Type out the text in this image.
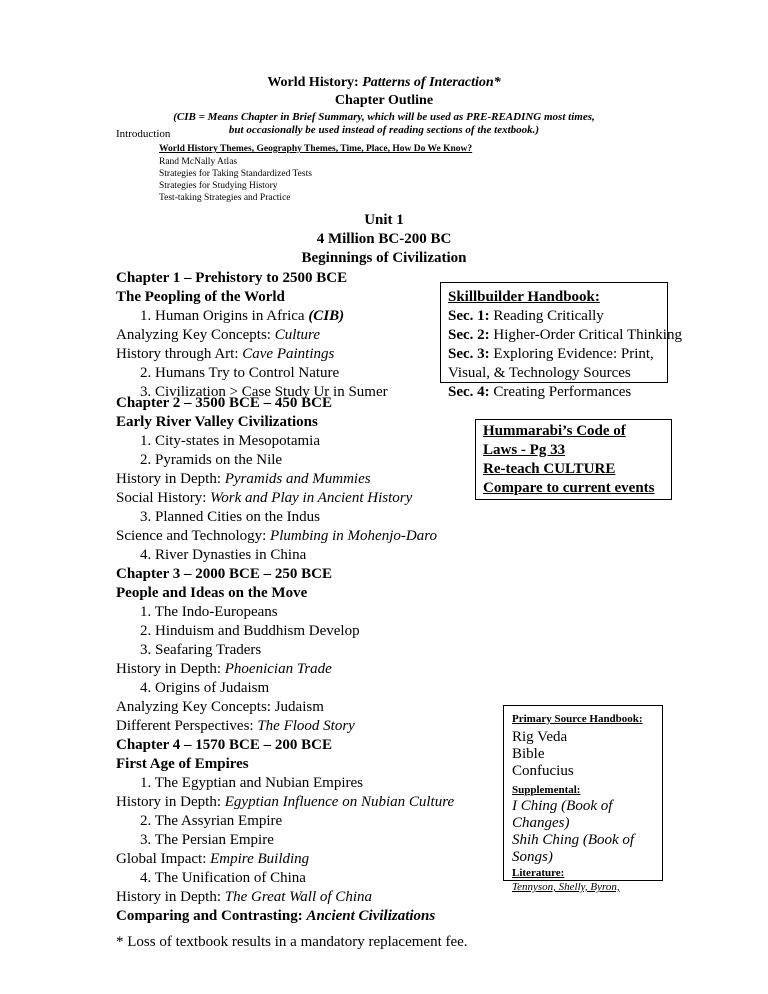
World History: Patterns of Interaction*
Chapter Outline
(CIB = Means Chapter in Brief Summary, which will be used as PRE-READING most times,
but occasionally be used instead of reading sections of the textbook.)
Introduction
World History Themes, Geography Themes, Time, Place, How Do We Know?
Rand McNally Atlas
Strategies for Taking Standardized Tests
Strategies for Studying History
Test-taking Strategies and Practice
Unit 1
4 Million BC-200 BC
Beginnings of Civilization
Chapter 1 – Prehistory to 2500 BCE
The Peopling of the World
1. Human Origins in Africa (CIB)
Analyzing Key Concepts: Culture
History through Art: Cave Paintings
2. Humans Try to Control Nature
3. Civilization > Case Study Ur in Sumer
Skillbuilder Handbook:
Sec. 1: Reading Critically
Sec. 2: Higher-Order Critical Thinking
Sec. 3: Exploring Evidence: Print,
Visual, & Technology Sources
Sec. 4: Creating Performances
Chapter 2 – 3500 BCE – 450 BCE
Early River Valley Civilizations
1. City-states in Mesopotamia
2. Pyramids on the Nile
History in Depth: Pyramids and Mummies
Social History: Work and Play in Ancient History
3. Planned Cities on the Indus
Science and Technology: Plumbing in Mohenjo-Daro
4. River Dynasties in China
Hummarabi’s Code of
Laws - Pg 33
Re-teach CULTURE
Compare to current events
Chapter 3 – 2000 BCE – 250 BCE
People and Ideas on the Move
1. The Indo-Europeans
2. Hinduism and Buddhism Develop
3. Seafaring Traders
History in Depth: Phoenician Trade
4. Origins of Judaism
Analyzing Key Concepts: Judaism
Different Perspectives: The Flood Story
Chapter 4 – 1570 BCE – 200 BCE
First Age of Empires
1. The Egyptian and Nubian Empires
History in Depth: Egyptian Influence on Nubian Culture
2. The Assyrian Empire
3. The Persian Empire
Global Impact: Empire Building
4. The Unification of China
History in Depth: The Great Wall of China
Comparing and Contrasting: Ancient Civilizations
Primary Source Handbook:
Rig Veda
Bible
Confucius
Supplemental:
I Ching (Book of
Changes)
Shih Ching (Book of
Songs)
Literature:
Tennyson, Shelly, Byron,
* Loss of textbook results in a mandatory replacement fee.
